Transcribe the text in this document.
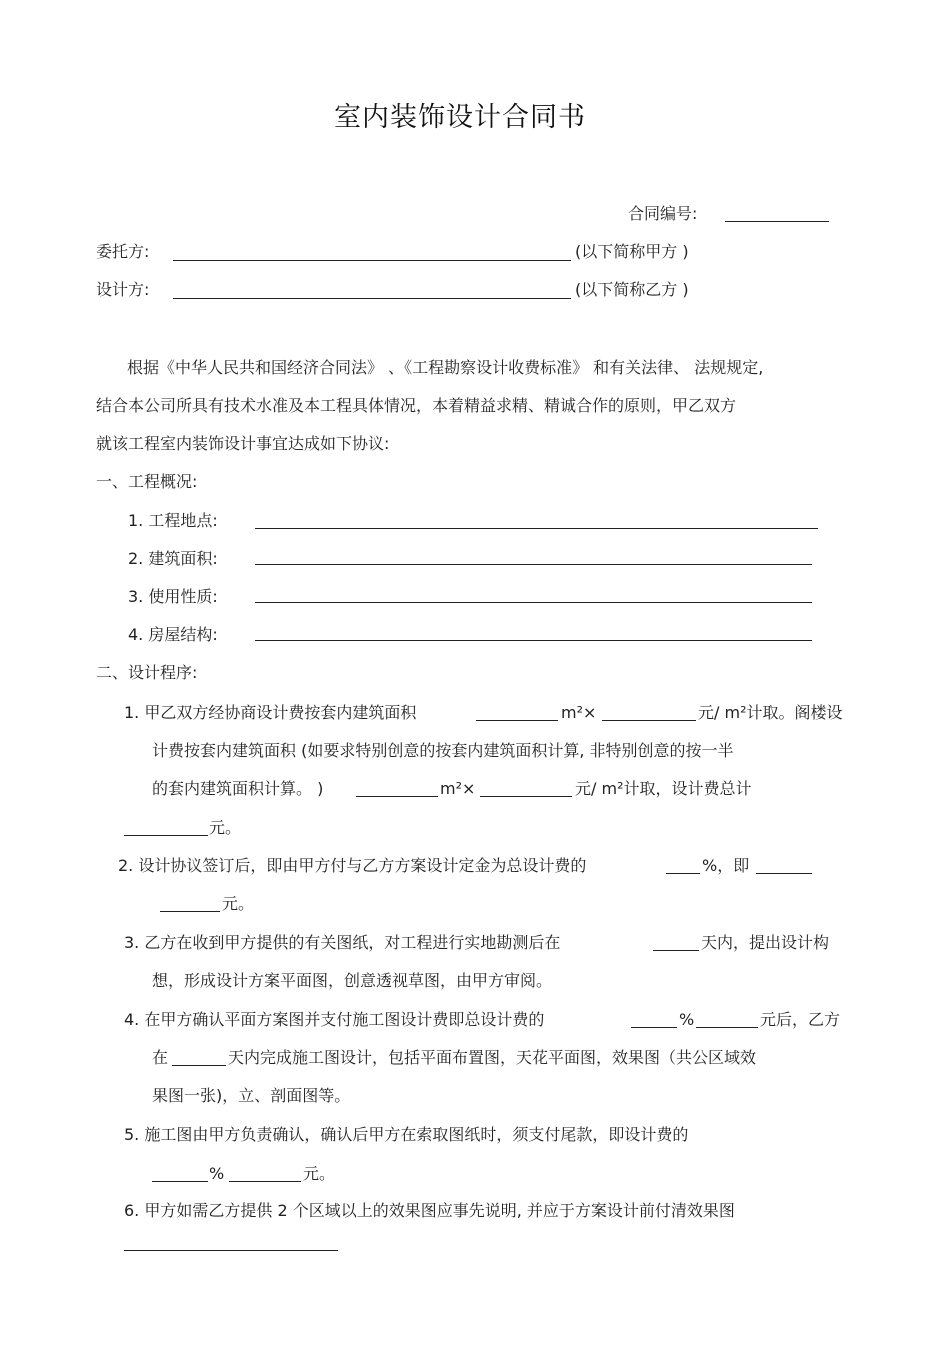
室内装饰设计合同书
合同编号:
委托方:	(以下简称甲方 )
设计方:	(以下简称乙方 )
根据《中华人民共和国经济合同法》 、《工程勘察设计收费标准》 和有关法律、 法规规定,
结合本公司所具有技术水准及本工程具体情况，本着精益求精、精诚合作的原则，甲乙双方
就该工程室内装饰设计事宜达成如下协议:
一、工程概况:
1. 工程地点:
2. 建筑面积:
3. 使用性质:
4. 房屋结构:
二、设计程序:
1. 甲乙双方经协商设计费按套内建筑面积	m²×	元/ m²计取。阁楼设
计费按套内建筑面积 (如要求特别创意的按套内建筑面积计算, 非特别创意的按一半
的套内建筑面积计算。 )	m²×	元/ m²计取，设计费总计
元。
2. 设计协议签订后，即由甲方付与乙方方案设计定金为总设计费的	%，即
元。
3. 乙方在收到甲方提供的有关图纸，对工程进行实地勘测后在	天内，提出设计构
想，形成设计方案平面图，创意透视草图，由甲方审阅。
4. 在甲方确认平面方案图并支付施工图设计费即总设计费的	%	元后，乙方
在	天内完成施工图设计，包括平面布置图，天花平面图，效果图（共公区域效
果图一张)，立、剖面图等。
5. 施工图由甲方负责确认，确认后甲方在索取图纸时，须支付尾款，即设计费的
%	元。
6. 甲方如需乙方提供 2 个区域以上的效果图应事先说明, 并应于方案设计前付清效果图
